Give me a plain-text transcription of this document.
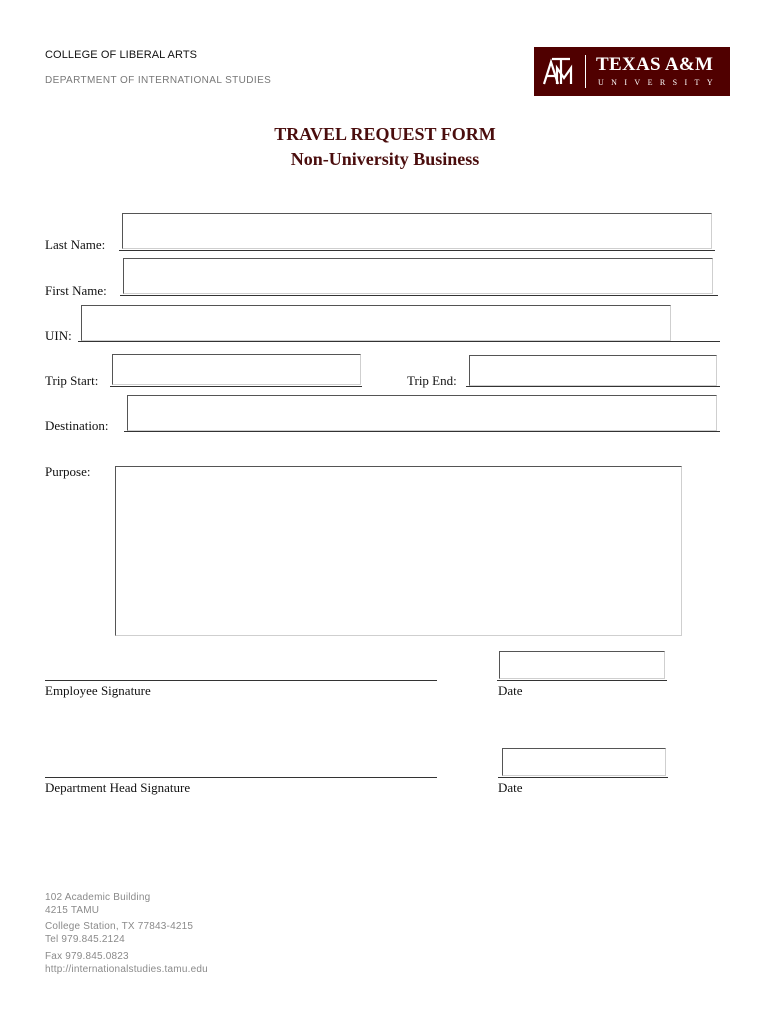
COLLEGE OF LIBERAL ARTS
DEPARTMENT OF INTERNATIONAL STUDIES
TEXAS A&M
UNIVERSITY
TRAVEL REQUEST FORM
Non-University Business
Last Name:
First Name:
UIN:
Trip Start:	Trip End:
Destination:
Purpose:
Employee Signature	Date
Department Head Signature	Date
102 Academic Building
4215 TAMU
College Station, TX 77843-4215
Tel 979.845.2124
Fax 979.845.0823
http://internationalstudies.tamu.edu
